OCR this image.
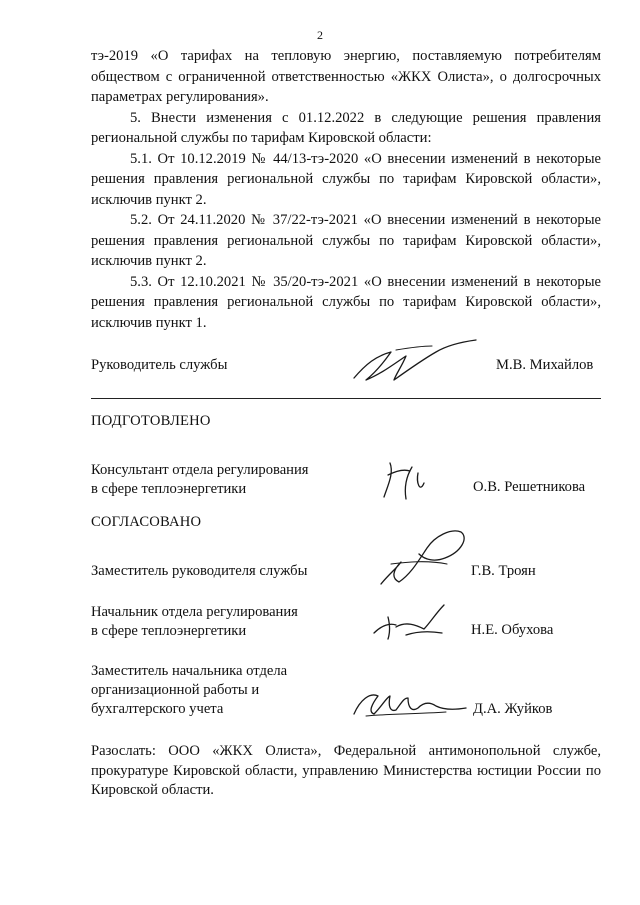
2

тэ-2019 «О тарифах на тепловую энергию, поставляемую потребителям обществом с ограниченной ответственностью «ЖКХ Олиста», о долгосрочных параметрах регулирования».

5. Внести изменения с 01.12.2022 в следующие решения правления региональной службы по тарифам Кировской области:

5.1. От 10.12.2019 № 44/13-тэ-2020 «О внесении изменений в некоторые решения правления региональной службы по тарифам Кировской области», исключив пункт 2.

5.2. От 24.11.2020 № 37/22-тэ-2021 «О внесении изменений в некоторые решения правления региональной службы по тарифам Кировской области», исключив пункт 2.

5.3. От 12.10.2021 № 35/20-тэ-2021 «О внесении изменений в некоторые решения правления региональной службы по тарифам Кировской области», исключив пункт 1.

Руководитель службы	М.В. Михайлов
ПОДГОТОВЛЕНО
Консультант отдела регулирования
в сфере теплоэнергетики	О.В. Решетникова
СОГЛАСОВАНО
Заместитель руководителя службы	Г.В. Троян
Начальник отдела регулирования
в сфере теплоэнергетики	Н.Е. Обухова
Заместитель начальника отдела
организационной работы и
бухгалтерского учета	Д.А. Жуйков
Разослать: ООО «ЖКХ Олиста», Федеральной антимонопольной службе, прокуратуре Кировской области, управлению Министерства юстиции России по Кировской области.
